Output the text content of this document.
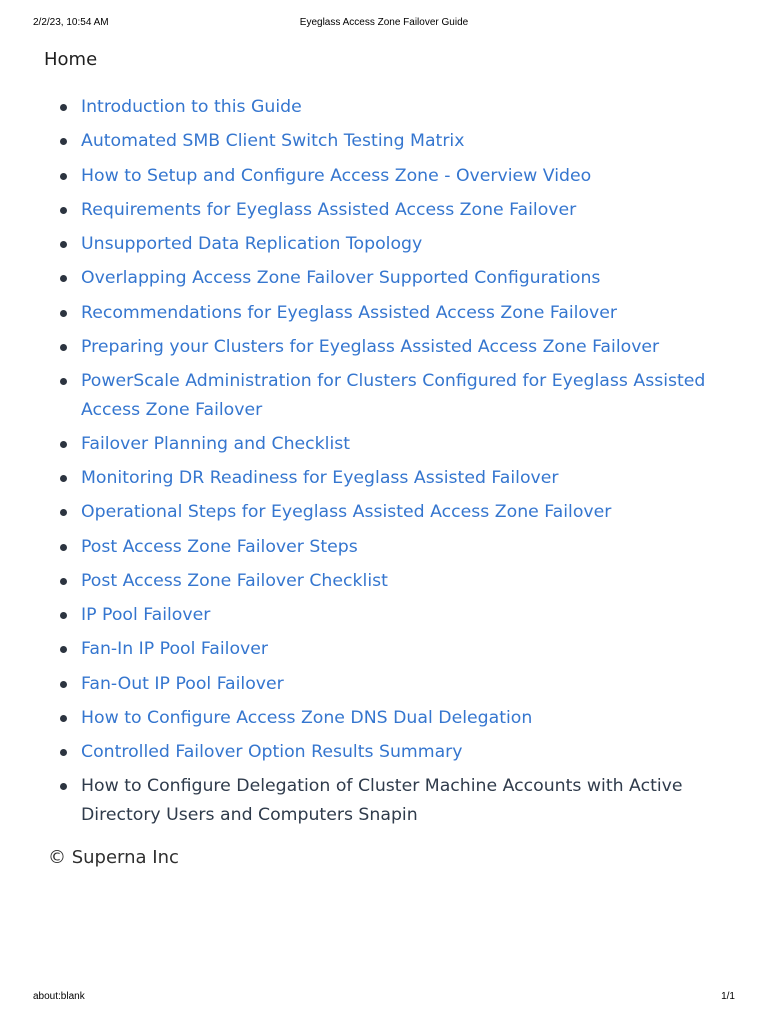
2/2/23, 10:54 AM	Eyeglass Access Zone Failover Guide
Home
Introduction to this Guide
Automated SMB Client Switch Testing Matrix
How to Setup and Configure Access Zone - Overview Video
Requirements for Eyeglass Assisted Access Zone Failover
Unsupported Data Replication Topology
Overlapping Access Zone Failover Supported Configurations
Recommendations for Eyeglass Assisted Access Zone Failover
Preparing your Clusters for Eyeglass Assisted Access Zone Failover
PowerScale Administration for Clusters Configured for Eyeglass Assisted Access Zone Failover
Failover Planning and Checklist
Monitoring DR Readiness for Eyeglass Assisted Failover
Operational Steps for Eyeglass Assisted Access Zone Failover
Post Access Zone Failover Steps
Post Access Zone Failover Checklist
IP Pool Failover
Fan-In IP Pool Failover
Fan-Out IP Pool Failover
How to Configure Access Zone DNS Dual Delegation
Controlled Failover Option Results Summary
How to Configure Delegation of Cluster Machine Accounts with Active Directory Users and Computers Snapin
© Superna Inc
about:blank	1/1
